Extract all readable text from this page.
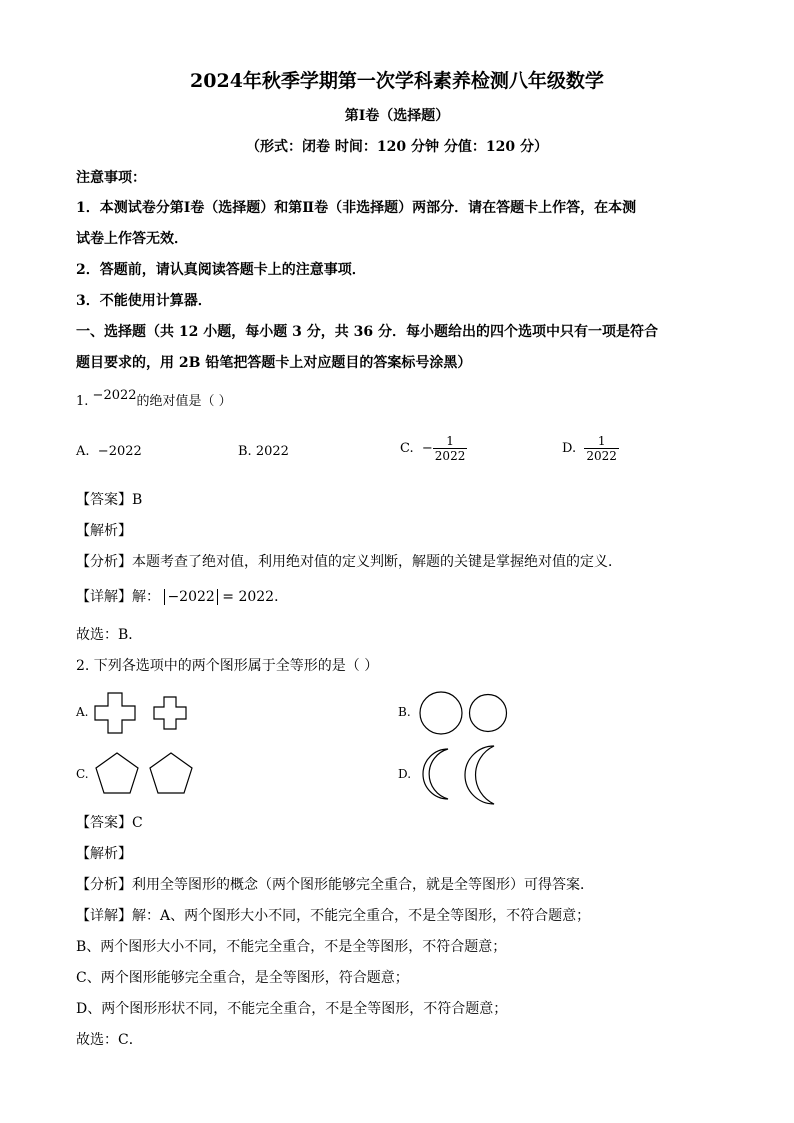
2024年秋季学期第一次学科素养检测八年级数学
第Ⅰ卷（选择题）
（形式：闭卷 时间：120 分钟 分值：120 分）
注意事项：
1．本测试卷分第Ⅰ卷（选择题）和第Ⅱ卷（非选择题）两部分．请在答题卡上作答，在本测
试卷上作答无效．
2．答题前，请认真阅读答题卡上的注意事项．
3．不能使用计算器．
一、选择题（共 12 小题，每小题 3 分，共 36 分．每小题给出的四个选项中只有一项是符合
题目要求的，用 2B 铅笔把答题卡上对应题目的答案标号涂黑）
1. −2022的绝对值是（ ）
A. −2022	B. 2022	C. − $\frac{1}{2022}$	D. $\frac{1}{2022}$
【答案】B
【解析】
【分析】本题考查了绝对值，利用绝对值的定义判断，解题的关键是掌握绝对值的定义．
【详解】解： −2022 = 2022．
故选：B．
2. 下列各选项中的两个图形属于全等形的是（ ）
A.	B.
C.	D.
【答案】C
【解析】
【分析】利用全等图形的概念（两个图形能够完全重合，就是全等图形）可得答案．
【详解】解：A、两个图形大小不同，不能完全重合，不是全等图形，不符合题意；
B、两个图形大小不同，不能完全重合，不是全等图形，不符合题意；
C、两个图形能够完全重合，是全等图形，符合题意；
D、两个图形形状不同，不能完全重合，不是全等图形，不符合题意；
故选：C．
